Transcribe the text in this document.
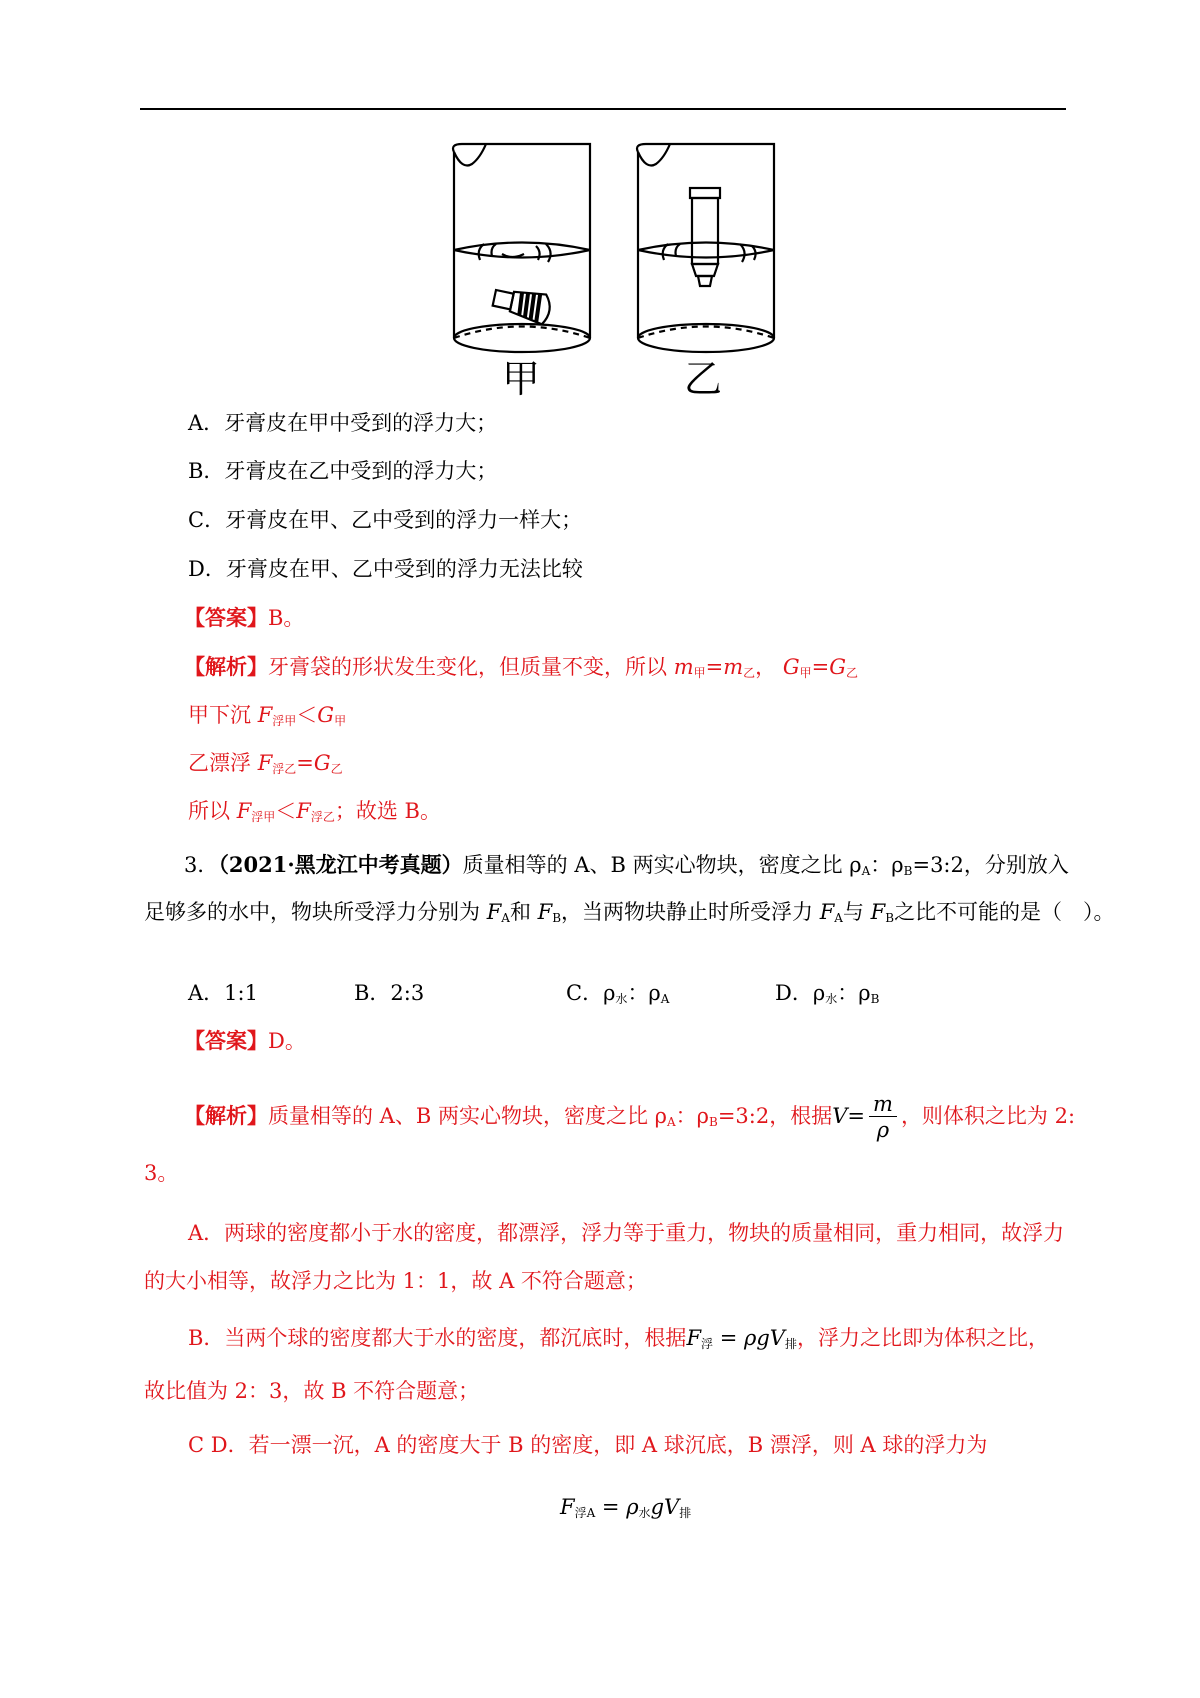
甲	乙
A．牙膏皮在甲中受到的浮力大；
B．牙膏皮在乙中受到的浮力大；
C．牙膏皮在甲、乙中受到的浮力一样大；
D．牙膏皮在甲、乙中受到的浮力无法比较
【答案】B。
【解析】牙膏袋的形状发生变化，但质量不变，所以 $m_甲=m_乙$， $G_甲=G_乙$
甲下沉 $F_{浮甲}<G_甲$
乙漂浮 $F_{浮乙}=G_乙$
所以 $F_{浮甲}<F_{浮乙}$；故选 B。
3．（2021·黑龙江中考真题）质量相等的 A、B 两实心物块，密度之比 $\rho_A$：$\rho_B=3:2$，分别放入
足够多的水中，物块所受浮力分别为 $F_A$和 $F_B$，当两物块静止时所受浮力 $F_A$与 $F_B$之比不可能的是（　）。
A．1:1	B．2:3	C．$\rho_水$：$\rho_A$	D．$\rho_水$：$\rho_B$
【答案】D。
【解析】质量相等的 A、B 两实心物块，密度之比 $\rho_A$：$\rho_B=3:2$，根据$V= \frac{m}{\rho}$ ，则体积之比为 2:
3。
A．两球的密度都小于水的密度，都漂浮，浮力等于重力，物块的质量相同，重力相同，故浮力
的大小相等，故浮力之比为 1：1，故 A 不符合题意；
B．当两个球的密度都大于水的密度，都沉底时，根据$F_浮 = \rho gV_排$，浮力之比即为体积之比，
故比值为 2：3，故 B 不符合题意；
C D．若一漂一沉，A 的密度大于 B 的密度，即 A 球沉底，B 漂浮，则 A 球的浮力为
$F_{浮A} = \rho_水gV_排$
